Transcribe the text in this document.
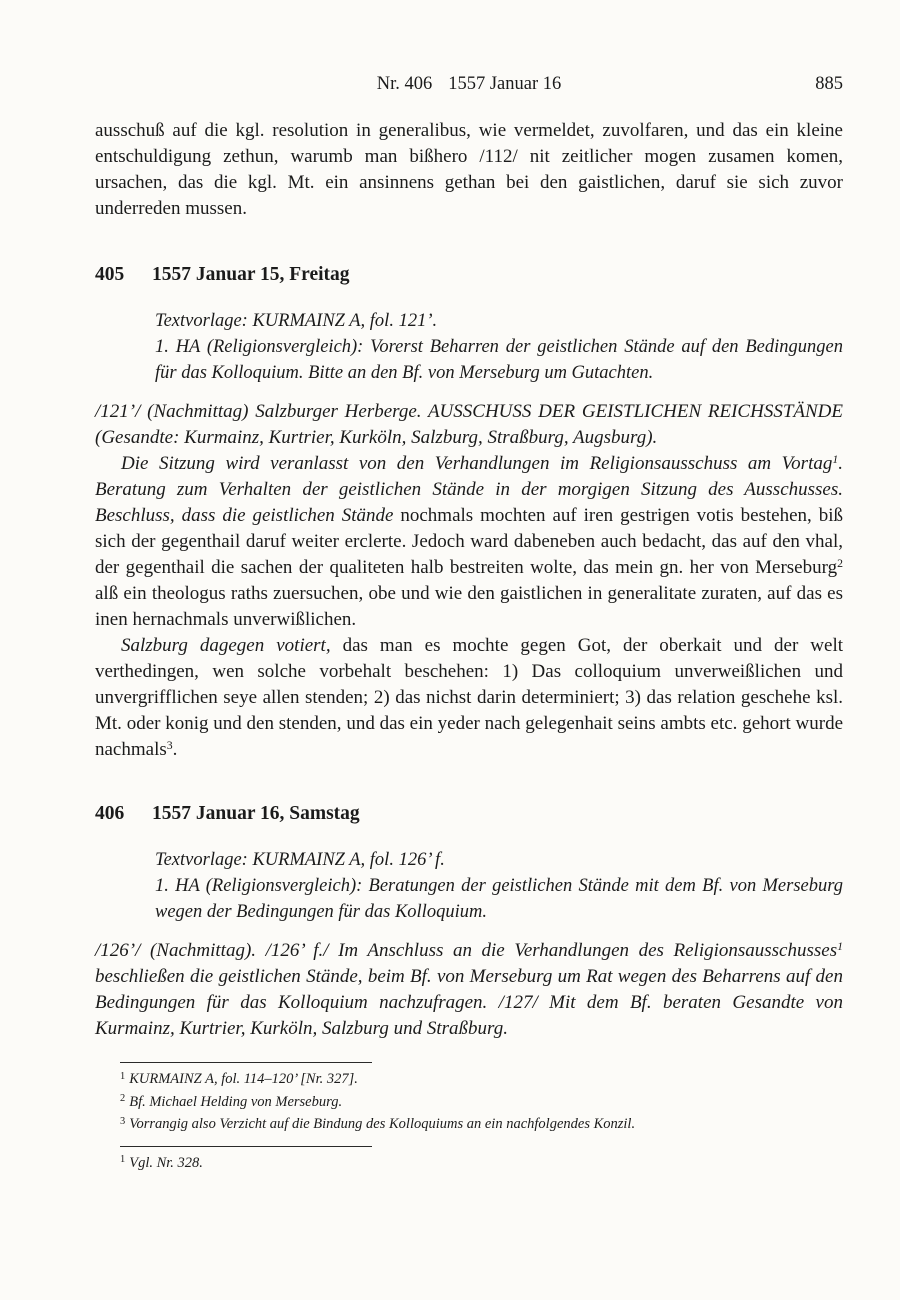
Nr. 406 1557 Januar 16	885

ausschuß auf die kgl. resolution in generalibus, wie vermeldet, zuvolfaren, und das ein kleine entschuldigung zethun, warumb man bißhero /112/ nit zeitlicher mogen zusamen komen, ursachen, das die kgl. Mt. ein ansinnens gethan bei den gaistlichen, daruf sie sich zuvor underreden mussen.

405 1557 Januar 15, Freitag
Textvorlage: KURMAINZ A, fol. 121’.
1. HA (Religionsvergleich): Vorerst Beharren der geistlichen Stände auf den Bedingungen für das Kolloquium. Bitte an den Bf. von Merseburg um Gutachten.

/121’/ (Nachmittag) Salzburger Herberge. AUSSCHUSS DER GEISTLICHEN REICHSSTÄNDE (Gesandte: Kurmainz, Kurtrier, Kurköln, Salzburg, Straßburg, Augsburg).

Die Sitzung wird veranlasst von den Verhandlungen im Religionsausschuss am Vortag$^1$. Beratung zum Verhalten der geistlichen Stände in der morgigen Sitzung des Ausschusses. Beschluss, dass die geistlichen Stände nochmals mochten auf iren gestrigen votis bestehen, biß sich der gegenthail daruf weiter erclerte. Jedoch ward dabeneben auch bedacht, das auf den vhal, der gegenthail die sachen der qualiteten halb bestreiten wolte, das mein gn. her von Merseburg$^2$ alß ein theologus raths zuersuchen, obe und wie den gaistlichen in generalitate zuraten, auf das es inen hernachmals unverwißlichen.

Salzburg dagegen votiert, das man es mochte gegen Got, der oberkait und der welt verthedingen, wen solche vorbehalt beschehen: 1) Das colloquium unverweißlichen und unvergrifflichen seye allen stenden; 2) das nichst darin determiniert; 3) das relation geschehe ksl. Mt. oder konig und den stenden, und das ein yeder nach gelegenhait seins ambts etc. gehort wurde nachmals$^3$.

406 1557 Januar 16, Samstag
Textvorlage: KURMAINZ A, fol. 126’ f.
1. HA (Religionsvergleich): Beratungen der geistlichen Stände mit dem Bf. von Merseburg wegen der Bedingungen für das Kolloquium.

/126’/ (Nachmittag). /126’ f./ Im Anschluss an die Verhandlungen des Religionsausschusses$^1$ beschließen die geistlichen Stände, beim Bf. von Merseburg um Rat wegen des Beharrens auf den Bedingungen für das Kolloquium nachzufragen. /127/ Mit dem Bf. beraten Gesandte von Kurmainz, Kurtrier, Kurköln, Salzburg und Straßburg.

$^1$ KURMAINZ A, fol. 114–120’ [Nr. 327].
$^2$ Bf. Michael Helding von Merseburg.
$^3$ Vorrangig also Verzicht auf die Bindung des Kolloquiums an ein nachfolgendes Konzil.
$^1$ Vgl. Nr. 328.
